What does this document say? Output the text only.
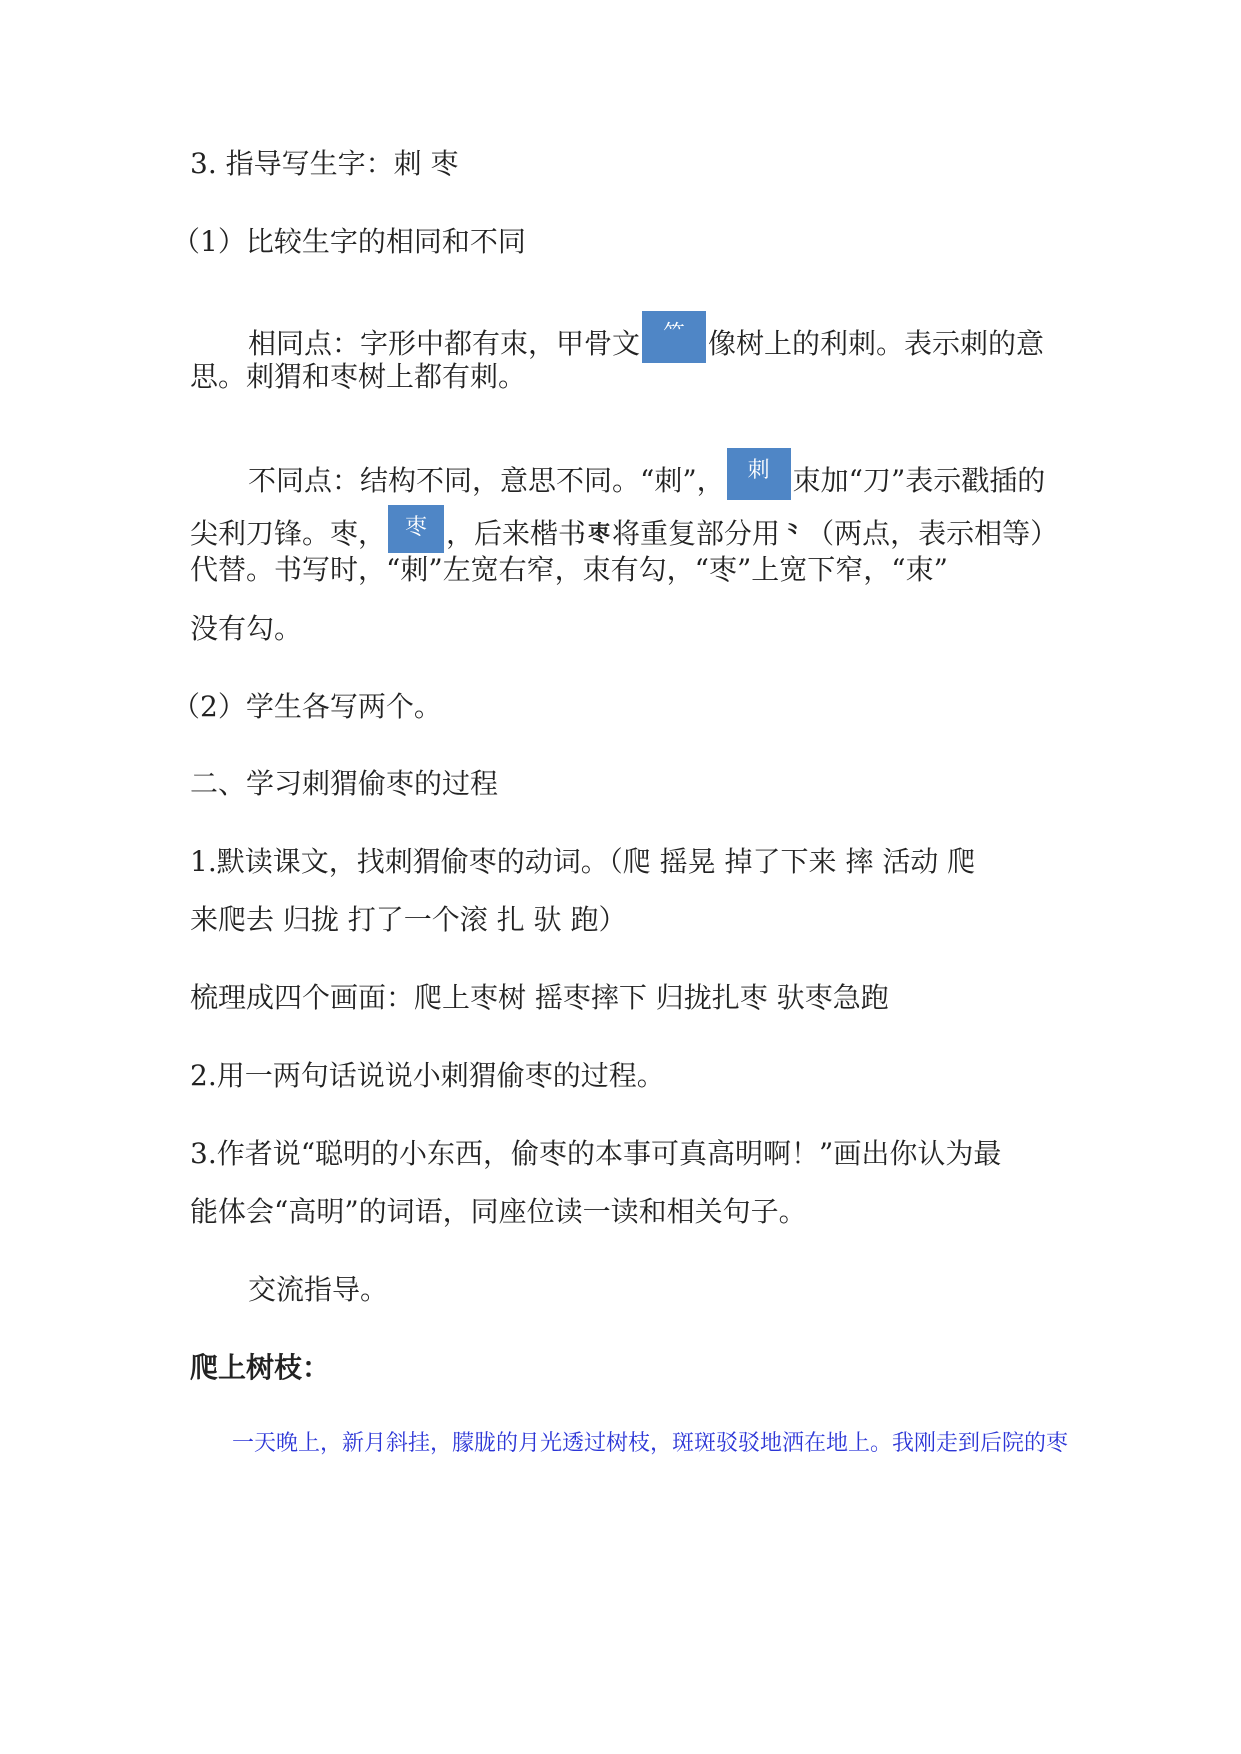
3. 指导写生字：刺 枣
（1）比较生字的相同和不同
相同点：字形中都有朿，甲骨文	⺮ 像树上的利刺。表示刺的意
思。刺猬和枣树上都有刺。
不同点：结构不同，意思不同。“刺”，	刺 朿加“刀”表示戳插的
尖利刀锋。枣， 枣 ，后来楷书枣将重复部分用⺀（两点，表示相等）
代替。书写时，“刺”左宽右窄，朿有勾，“枣”上宽下窄，“朿”
没有勾。
（2）学生各写两个。
二、学习刺猬偷枣的过程
1.默读课文，找刺猬偷枣的动词。（爬 摇晃 掉了下来 摔 活动 爬
来爬去 归拢 打了一个滚 扎 驮 跑）
梳理成四个画面：爬上枣树 摇枣摔下 归拢扎枣 驮枣急跑
2.用一两句话说说小刺猬偷枣的过程。
3.作者说“聪明的小东西，偷枣的本事可真高明啊！”画出你认为最
能体会“高明”的词语，同座位读一读和相关句子。
交流指导。
爬上树枝：
一天晚上，新月斜挂，朦胧的月光透过树枝，斑斑驳驳地洒在地上。我刚走到后院的枣
